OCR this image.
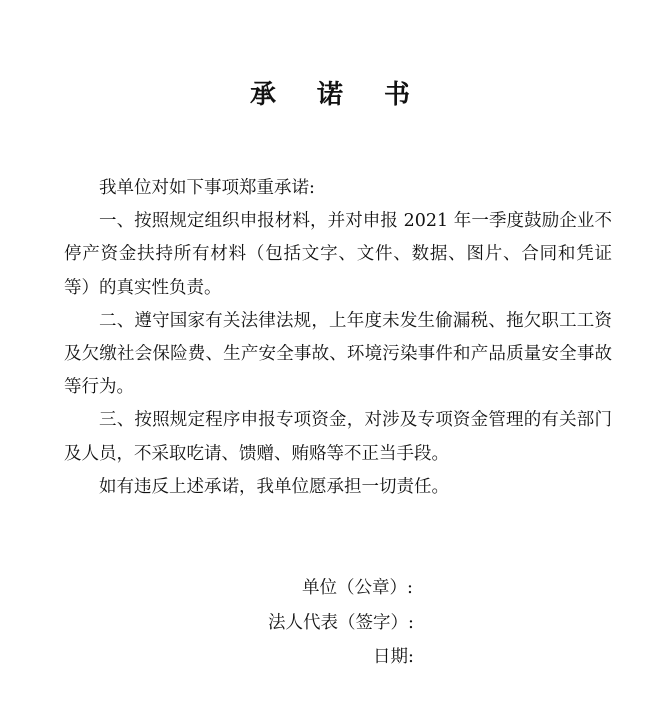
承 诺 书

我单位对如下事项郑重承诺:

一、按照规定组织申报材料，并对申报 2021 年一季度鼓励企业不停产资金扶持所有材料（包括文字、文件、数据、图片、合同和凭证等）的真实性负责。

二、遵守国家有关法律法规，上年度未发生偷漏税、拖欠职工工资及欠缴社会保险费、生产安全事故、环境污染事件和产品质量安全事故等行为。

三、按照规定程序申报专项资金，对涉及专项资金管理的有关部门及人员，不采取吃请、馈赠、贿赂等不正当手段。

如有违反上述承诺，我单位愿承担一切责任。

单位（公章）:
法人代表（签字）:
日期:
